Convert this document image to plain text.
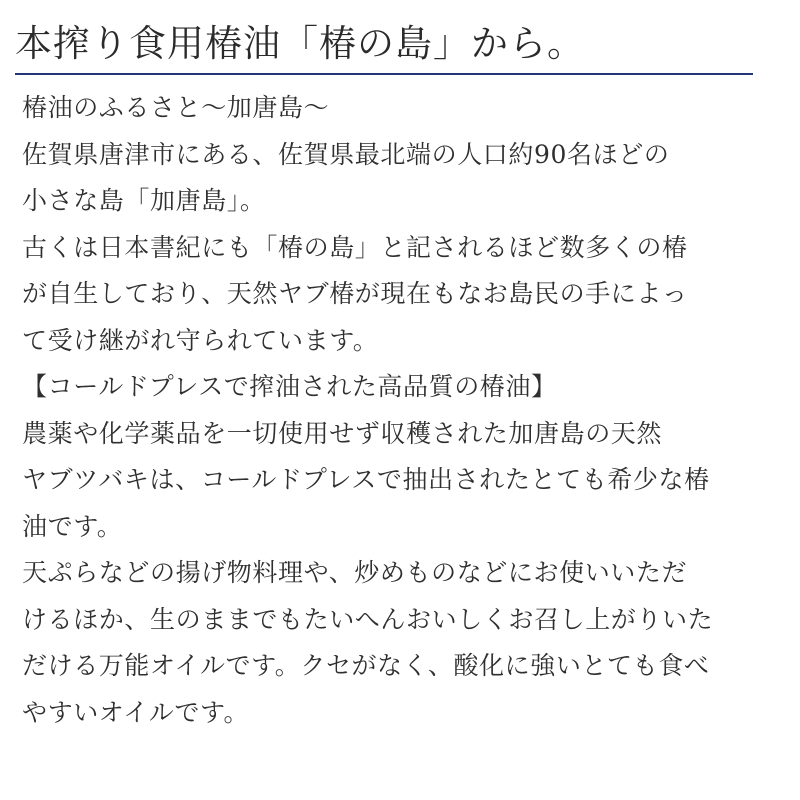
本搾り食用椿油「椿の島」から。
椿油のふるさと〜加唐島〜
佐賀県唐津市にある、佐賀県最北端の人口約90名ほどの
小さな島「加唐島」。
古くは日本書紀にも「椿の島」と記されるほど数多くの椿
が自生しており、天然ヤブ椿が現在もなお島民の手によっ
て受け継がれ守られています。
【コールドプレスで搾油された高品質の椿油】
農薬や化学薬品を一切使用せず収穫された加唐島の天然
ヤブツバキは、コールドプレスで抽出されたとても希少な椿
油です。
天ぷらなどの揚げ物料理や、炒めものなどにお使いいただ
けるほか、生のままでもたいへんおいしくお召し上がりいた
だける万能オイルです。クセがなく、酸化に強いとても食べ
やすいオイルです。
